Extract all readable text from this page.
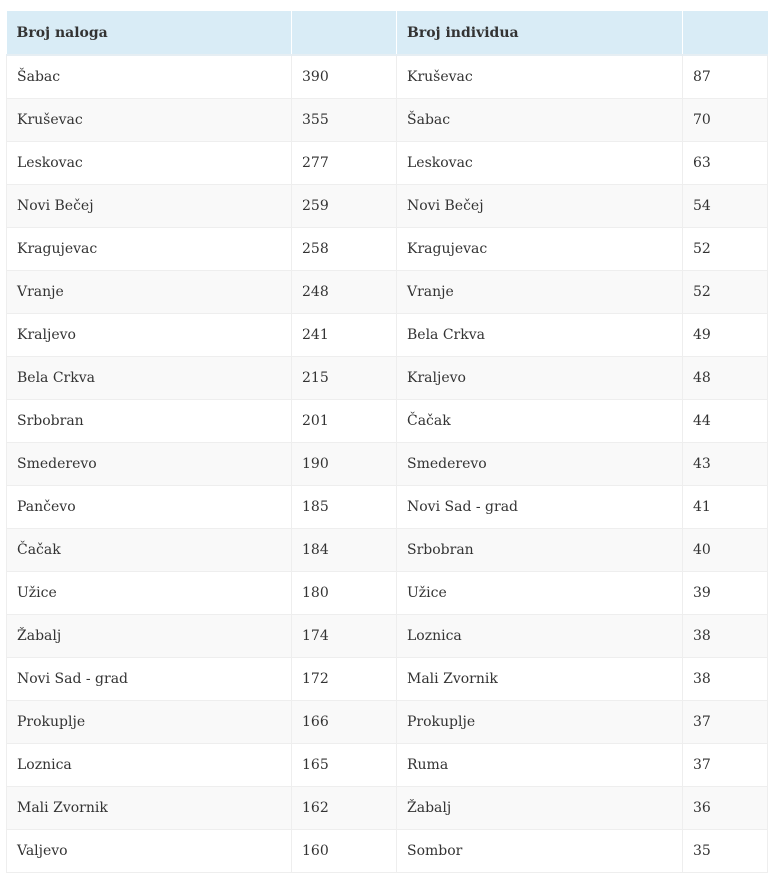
Broj naloga		Broj individua	
Šabac	390	Kruševac	87
Kruševac	355	Šabac	70
Leskovac	277	Leskovac	63
Novi Bečej	259	Novi Bečej	54
Kragujevac	258	Kragujevac	52
Vranje	248	Vranje	52
Kraljevo	241	Bela Crkva	49
Bela Crkva	215	Kraljevo	48
Srbobran	201	Čačak	44
Smederevo	190	Smederevo	43
Pančevo	185	Novi Sad - grad	41
Čačak	184	Srbobran	40
Užice	180	Užice	39
Žabalj	174	Loznica	38
Novi Sad - grad	172	Mali Zvornik	38
Prokuplje	166	Prokuplje	37
Loznica	165	Ruma	37
Mali Zvornik	162	Žabalj	36
Valjevo	160	Sombor	35
